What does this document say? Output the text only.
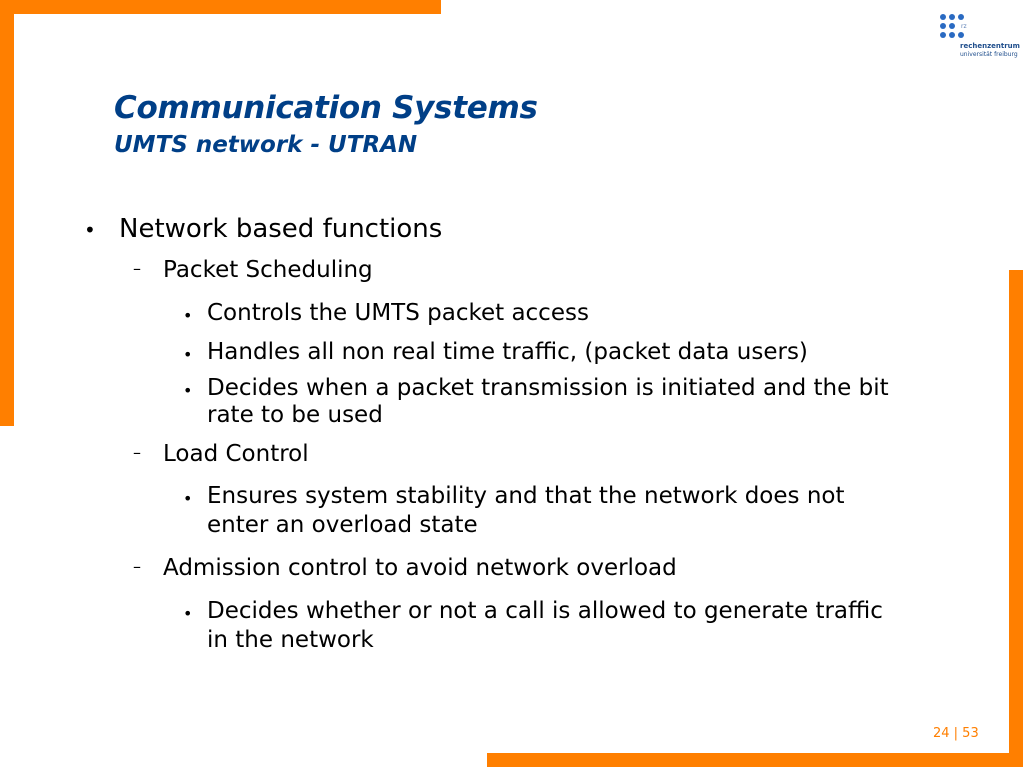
rz
rechenzentrum
universität freiburg
Communication Systems
UMTS network - UTRAN
• Network based functions
– Packet Scheduling
• Controls the UMTS packet access
• Handles all non real time traffic, (packet data users)
• Decides when a packet transmission is initiated and the bit
rate to be used
– Load Control
• Ensures system stability and that the network does not
enter an overload state
– Admission control to avoid network overload
• Decides whether or not a call is allowed to generate traffic
in the network
24 | 53
